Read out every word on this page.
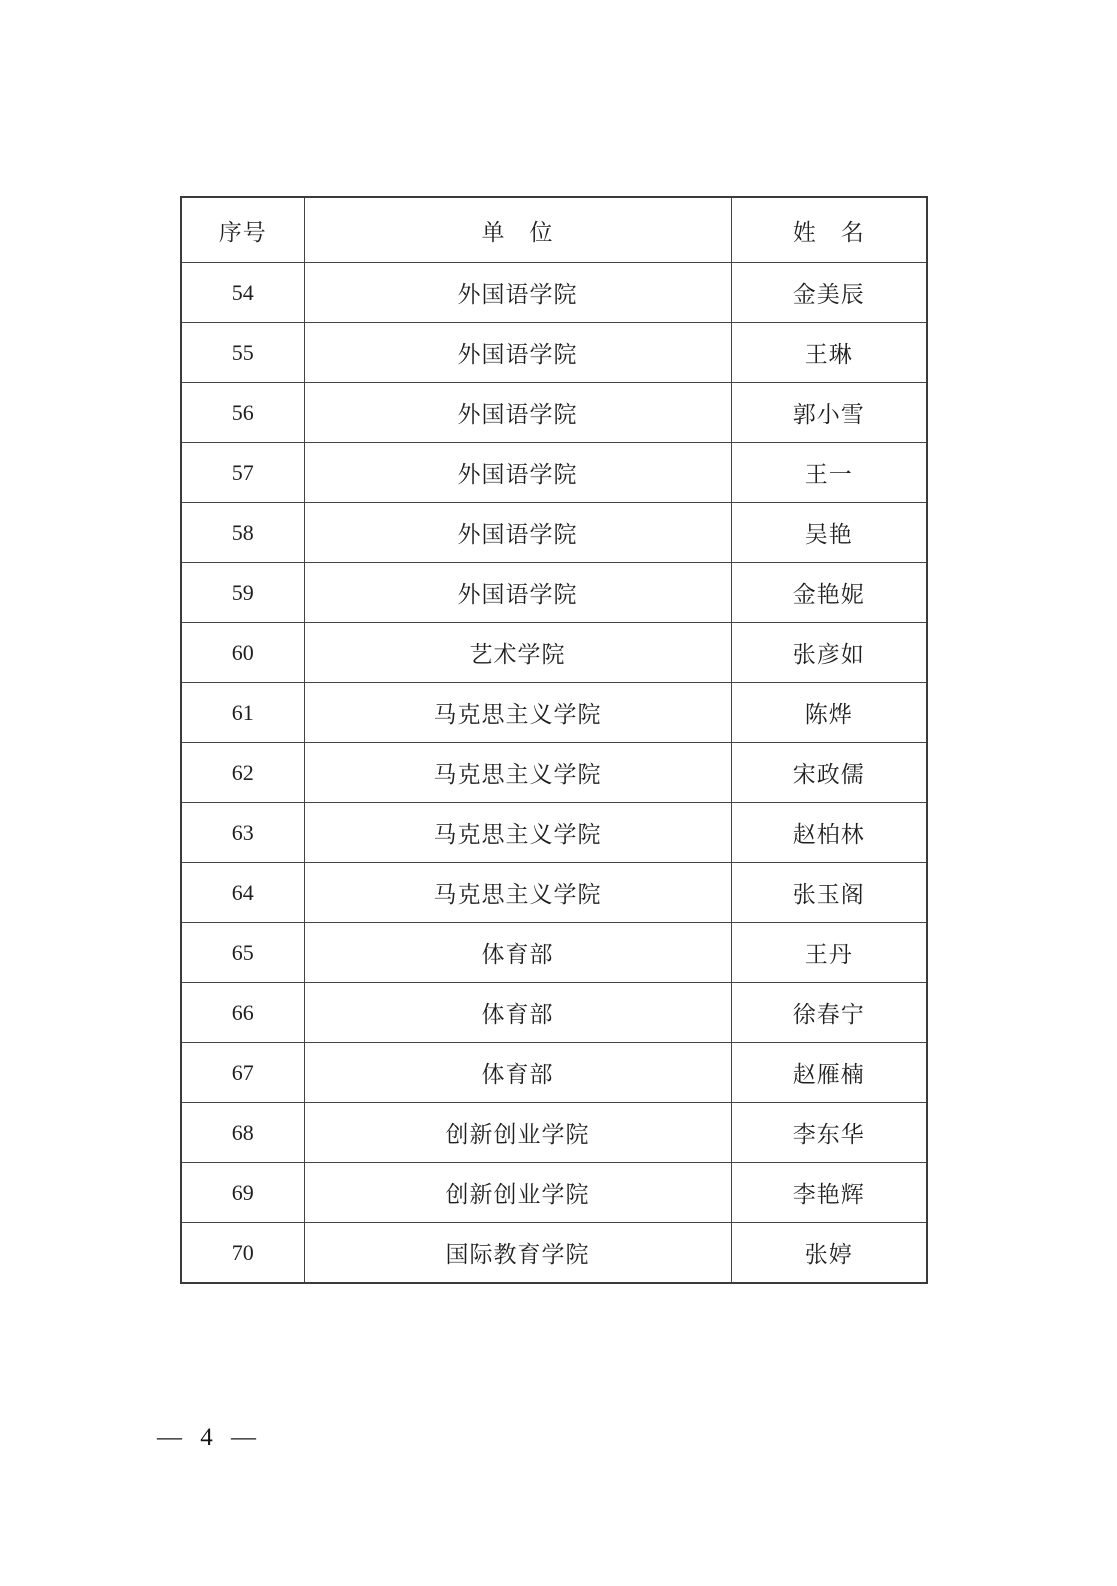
序号	单　位	姓　名
54	外国语学院	金美辰
55	外国语学院	王琳
56	外国语学院	郭小雪
57	外国语学院	王一
58	外国语学院	吴艳
59	外国语学院	金艳妮
60	艺术学院	张彦如
61	马克思主义学院	陈烨
62	马克思主义学院	宋政儒
63	马克思主义学院	赵柏林
64	马克思主义学院	张玉阁
65	体育部	王丹
66	体育部	徐春宁
67	体育部	赵雁楠
68	创新创业学院	李东华
69	创新创业学院	李艳辉
70	国际教育学院	张婷
— 4 —
